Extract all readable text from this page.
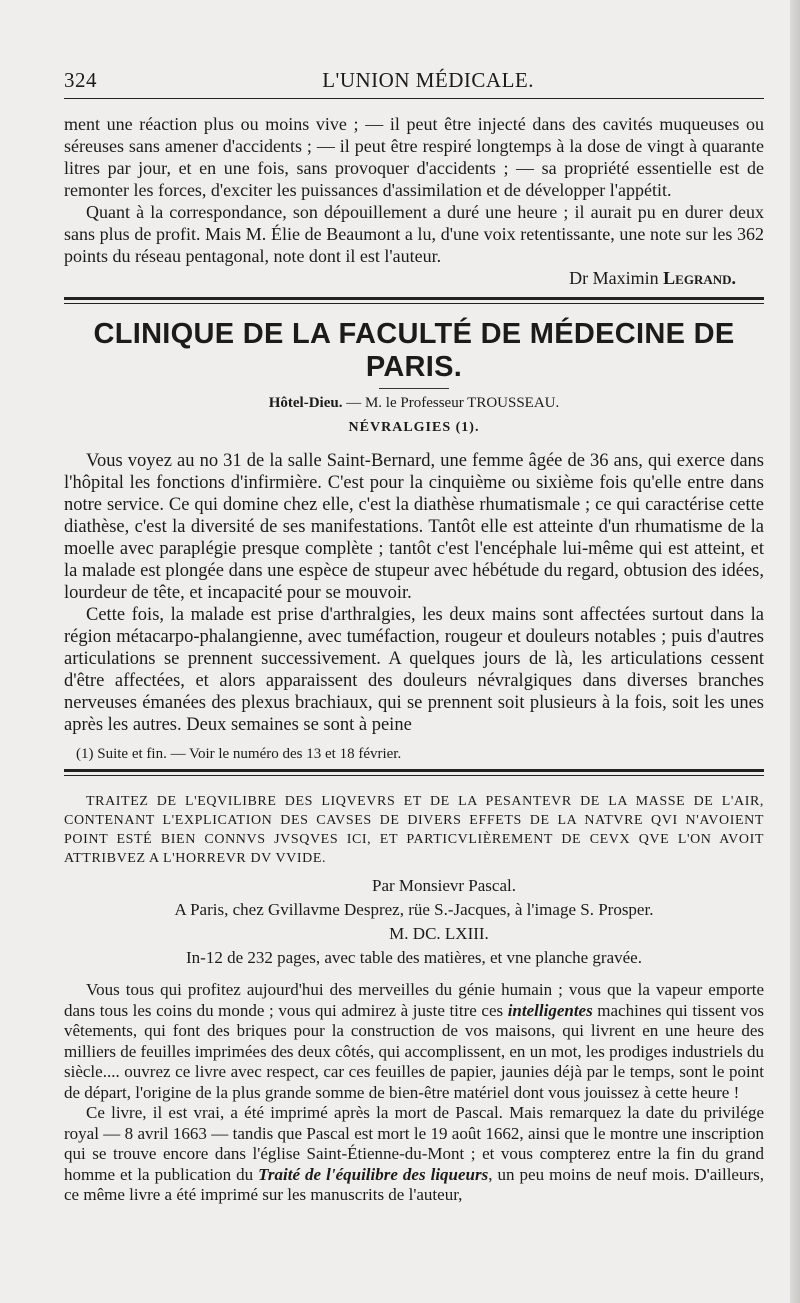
324	L'UNION MÉDICALE.

ment une réaction plus ou moins vive ; — il peut être injecté dans des cavités muqueuses ou séreuses sans amener d'accidents ; — il peut être respiré longtemps à la dose de vingt à quarante litres par jour, et en une fois, sans provoquer d'accidents ; — sa propriété essentielle est de remonter les forces, d'exciter les puissances d'assimilation et de développer l'appétit.

Quant à la correspondance, son dépouillement a duré une heure ; il aurait pu en durer deux sans plus de profit. Mais M. Élie de Beaumont a lu, d'une voix retentissante, une note sur les 362 points du réseau pentagonal, note dont il est l'auteur.

Dr Maximin Legrand.
CLINIQUE DE LA FACULTÉ DE MÉDECINE DE PARIS.
Hôtel-Dieu. — M. le Professeur TROUSSEAU.
NÉVRALGIES (1).

Vous voyez au no 31 de la salle Saint-Bernard, une femme âgée de 36 ans, qui exerce dans l'hôpital les fonctions d'infirmière. C'est pour la cinquième ou sixième fois qu'elle entre dans notre service. Ce qui domine chez elle, c'est la diathèse rhumatismale ; ce qui caractérise cette diathèse, c'est la diversité de ses manifestations. Tantôt elle est atteinte d'un rhumatisme de la moelle avec paraplégie presque complète ; tantôt c'est l'encéphale lui-même qui est atteint, et la malade est plongée dans une espèce de stupeur avec hébétude du regard, obtusion des idées, lourdeur de tête, et incapacité pour se mouvoir.

Cette fois, la malade est prise d'arthralgies, les deux mains sont affectées surtout dans la région métacarpo-phalangienne, avec tuméfaction, rougeur et douleurs notables ; puis d'autres articulations se prennent successivement. A quelques jours de là, les articulations cessent d'être affectées, et alors apparaissent des douleurs névralgiques dans diverses branches nerveuses émanées des plexus brachiaux, qui se prennent soit plusieurs à la fois, soit les unes après les autres. Deux semaines se sont à peine

(1) Suite et fin. — Voir le numéro des 13 et 18 février.

TRAITEZ DE L'EQVILIBRE DES LIQVEVRS ET DE LA PESANTEVR DE LA MASSE DE L'AIR, CONTENANT L'EXPLICATION DES CAVSES DE DIVERS EFFETS DE LA NATVRE QVI N'AVOIENT POINT ESTÉ BIEN CONNVS JVSQVES ICI, ET PARTICVLIÈREMENT DE CEVX QVE L'ON AVOIT ATTRIBVEZ A L'HORREVR DV VVIDE.

Par Monsievr Pascal.
A Paris, chez Gvillavme Desprez, rüe S.-Jacques, à l'image S. Prosper.
M. DC. LXIII.
In-12 de 232 pages, avec table des matières, et vne planche gravée.

Vous tous qui profitez aujourd'hui des merveilles du génie humain ; vous que la vapeur emporte dans tous les coins du monde ; vous qui admirez à juste titre ces intelligentes machines qui tissent vos vêtements, qui font des briques pour la construction de vos maisons, qui livrent en une heure des milliers de feuilles imprimées des deux côtés, qui accomplissent, en un mot, les prodiges industriels du siècle.... ouvrez ce livre avec respect, car ces feuilles de papier, jaunies déjà par le temps, sont le point de départ, l'origine de la plus grande somme de bien-être matériel dont vous jouissez à cette heure !

Ce livre, il est vrai, a été imprimé après la mort de Pascal. Mais remarquez la date du privilége royal — 8 avril 1663 — tandis que Pascal est mort le 19 août 1662, ainsi que le montre une inscription qui se trouve encore dans l'église Saint-Étienne-du-Mont ; et vous compterez entre la fin du grand homme et la publication du Traité de l'équilibre des liqueurs, un peu moins de neuf mois. D'ailleurs, ce même livre a été imprimé sur les manuscrits de l'auteur,
